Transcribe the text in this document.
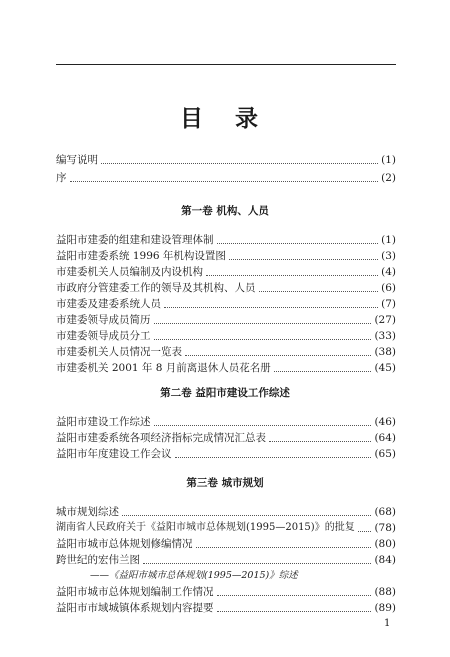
目 录
编写说明	(1)
序	(2)
第一卷 机构、人员
益阳市建委的组建和建设管理体制	(1)
益阳市建委系统 1996 年机构设置图	(3)
市建委机关人员编制及内设机构	(4)
市政府分管建委工作的领导及其机构、人员	(6)
市建委及建委系统人员	(7)
市建委领导成员简历	(27)
市建委领导成员分工	(33)
市建委机关人员情况一览表	(38)
市建委机关 2001 年 8 月前离退休人员花名册	(45)
第二卷 益阳市建设工作综述
益阳市建设工作综述	(46)
益阳市建委系统各项经济指标完成情况汇总表	(64)
益阳市年度建设工作会议	(65)
第三卷 城市规划
城市规划综述	(68)
湖南省人民政府关于《益阳市城市总体规划(1995—2015)》的批复 (78)
益阳市城市总体规划修编情况	(80)
跨世纪的宏伟兰图	(84)
——《益阳市城市总体规划(1995—2015)》综述
益阳市城市总体规划编制工作情况	(88)
益阳市市域城镇体系规划内容提要	(89)
1
